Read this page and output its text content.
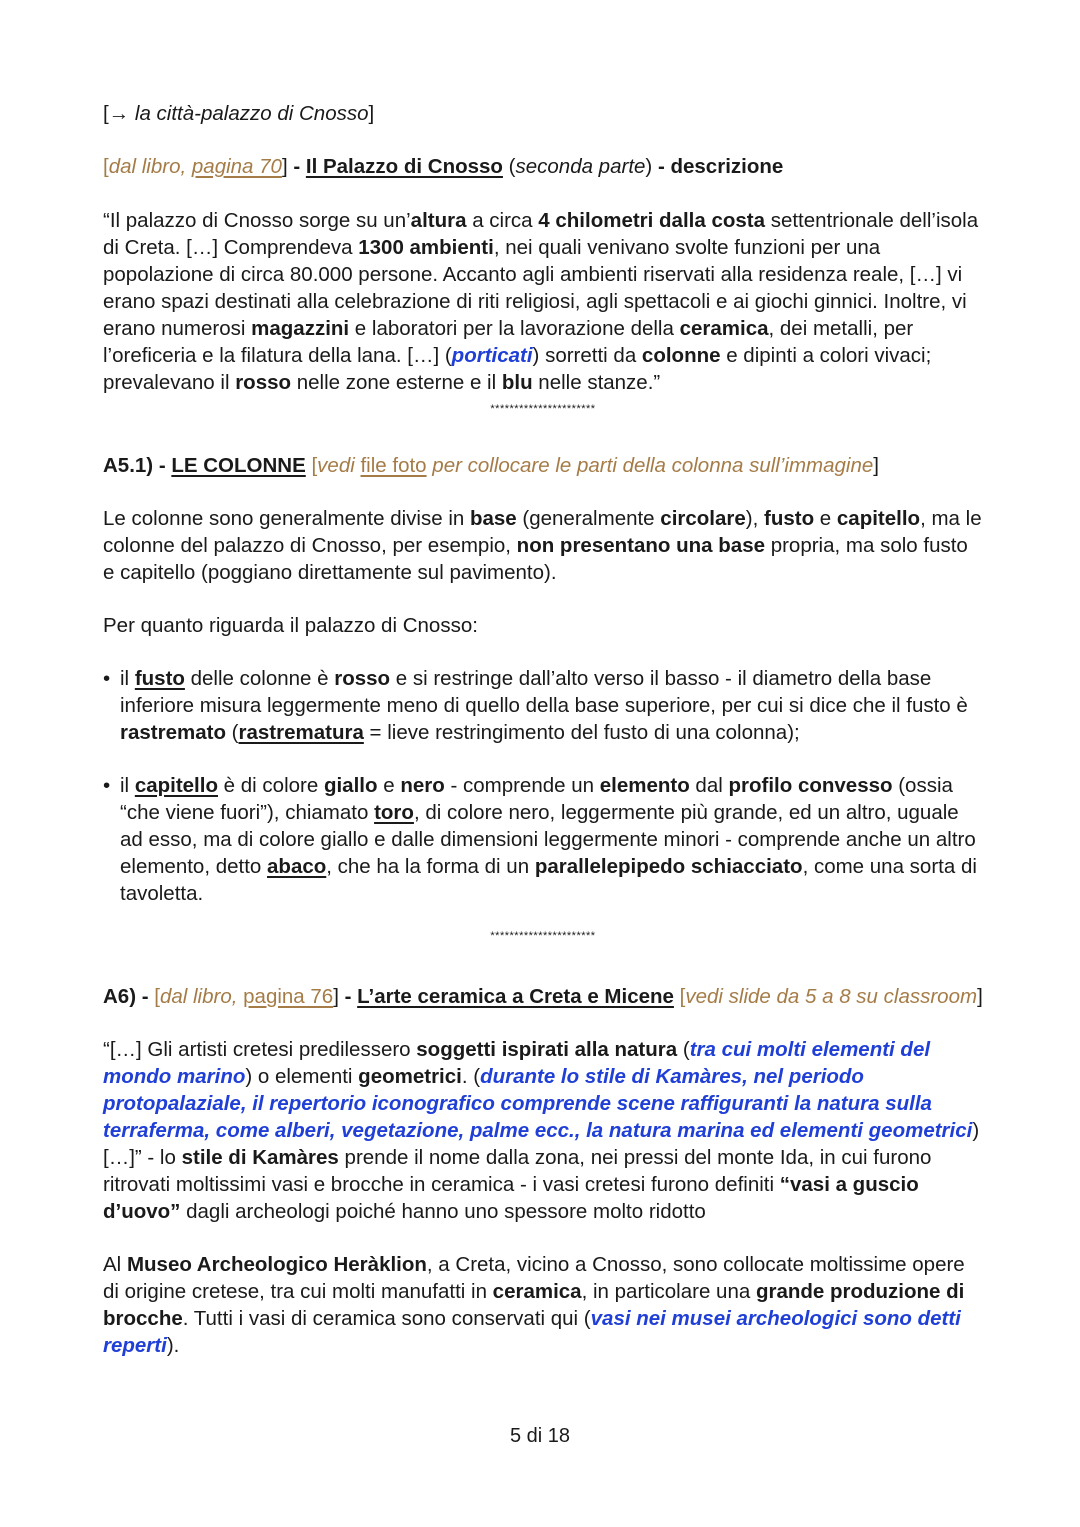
[→ la città-palazzo di Cnosso]

[dal libro, pagina 70] - Il Palazzo di Cnosso (seconda parte) - descrizione

“Il palazzo di Cnosso sorge su un’altura a circa 4 chilometri dalla costa settentrionale dell’isola di Creta. […] Comprendeva 1300 ambienti, nei quali venivano svolte funzioni per una popolazione di circa 80.000 persone. Accanto agli ambienti riservati alla residenza reale, […] vi erano spazi destinati alla celebrazione di riti religiosi, agli spettacoli e ai giochi ginnici. Inoltre, vi erano numerosi magazzini e laboratori per la lavorazione della ceramica, dei metalli, per l’oreficeria e la filatura della lana. […] (porticati) sorretti da colonne e dipinti a colori vivaci; prevalevano il rosso nelle zone esterne e il blu nelle stanze.”

**********************

A5.1) - LE COLONNE [vedi file foto per collocare le parti della colonna sull’immagine]

Le colonne sono generalmente divise in base (generalmente circolare), fusto e capitello, ma le colonne del palazzo di Cnosso, per esempio, non presentano una base propria, ma solo fusto e capitello (poggiano direttamente sul pavimento).

Per quanto riguarda il palazzo di Cnosso:

• il fusto delle colonne è rosso e si restringe dall’alto verso il basso - il diametro della base inferiore misura leggermente meno di quello della base superiore, per cui si dice che il fusto è rastremato (rastrematura = lieve restringimento del fusto di una colonna);
• il capitello è di colore giallo e nero - comprende un elemento dal profilo convesso (ossia “che viene fuori”), chiamato toro, di colore nero, leggermente più grande, ed un altro, uguale ad esso, ma di colore giallo e dalle dimensioni leggermente minori - comprende anche un altro elemento, detto abaco, che ha la forma di un parallelepipedo schiacciato, come una sorta di tavoletta.

**********************

A6) - [dal libro, pagina 76] - L’arte ceramica a Creta e Micene [vedi slide da 5 a 8 su classroom]

“[…] Gli artisti cretesi predilessero soggetti ispirati alla natura (tra cui molti elementi del mondo marino) o elementi geometrici. (durante lo stile di Kamàres, nel periodo protopalaziale, il repertorio iconografico comprende scene raffiguranti la natura sulla terraferma, come alberi, vegetazione, palme ecc., la natura marina ed elementi geometrici) […]” - lo stile di Kamàres prende il nome dalla zona, nei pressi del monte Ida, in cui furono ritrovati moltissimi vasi e brocche in ceramica - i vasi cretesi furono definiti “vasi a guscio d’uovo” dagli archeologi poiché hanno uno spessore molto ridotto

Al Museo Archeologico Heràklion, a Creta, vicino a Cnosso, sono collocate moltissime opere di origine cretese, tra cui molti manufatti in ceramica, in particolare una grande produzione di brocche. Tutti i vasi di ceramica sono conservati qui (vasi nei musei archeologici sono detti reperti).

5 di 18
